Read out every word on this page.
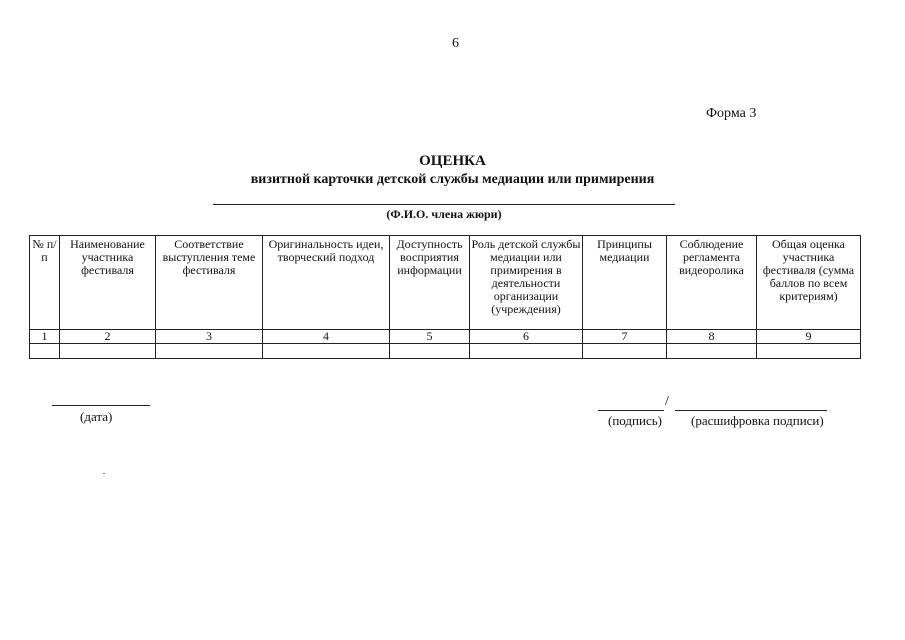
6
Форма 3
ОЦЕНКА
визитной карточки детской службы медиации или примирения
(Ф.И.О. члена жюри)
№ п/п	Наименование участника фестиваля	Соответствие выступления теме фестиваля	Оригинальность идеи, творческий подход	Доступность восприятия информации	Роль детской службы медиации или примирения в деятельности организации (учреждения)	Принципы медиации	Соблюдение регламента видеоролика	Общая оценка участника фестиваля (сумма баллов по всем критериям)
1	2	3	4	5	6	7	8	9

(дата)
/
(подпись) (расшифровка подписи)
